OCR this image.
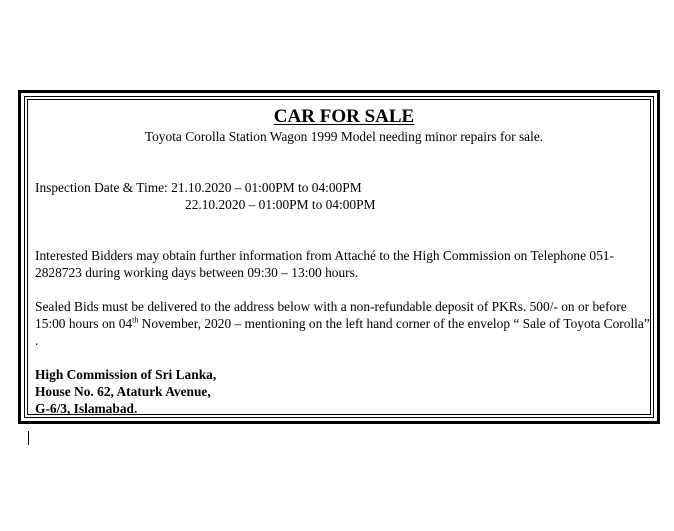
CAR FOR SALE

Toyota Corolla Station Wagon 1999 Model needing minor repairs for sale.

Inspection Date & Time: 21.10.2020 – 01:00PM to 04:00PM

22.10.2020 – 01:00PM to 04:00PM

Interested Bidders may obtain further information from Attaché to the High Commission on Telephone 051-2828723 during working days between 09:30 – 13:00 hours.

Sealed Bids must be delivered to the address below with a non-refundable deposit of PKRs. 500/- on or before 15:00 hours on 04th November, 2020 – mentioning on the left hand corner of the envelop “ Sale of Toyota Corolla” .

High Commission of Sri Lanka,

House No. 62, Ataturk Avenue,

G-6/3, Islamabad.
